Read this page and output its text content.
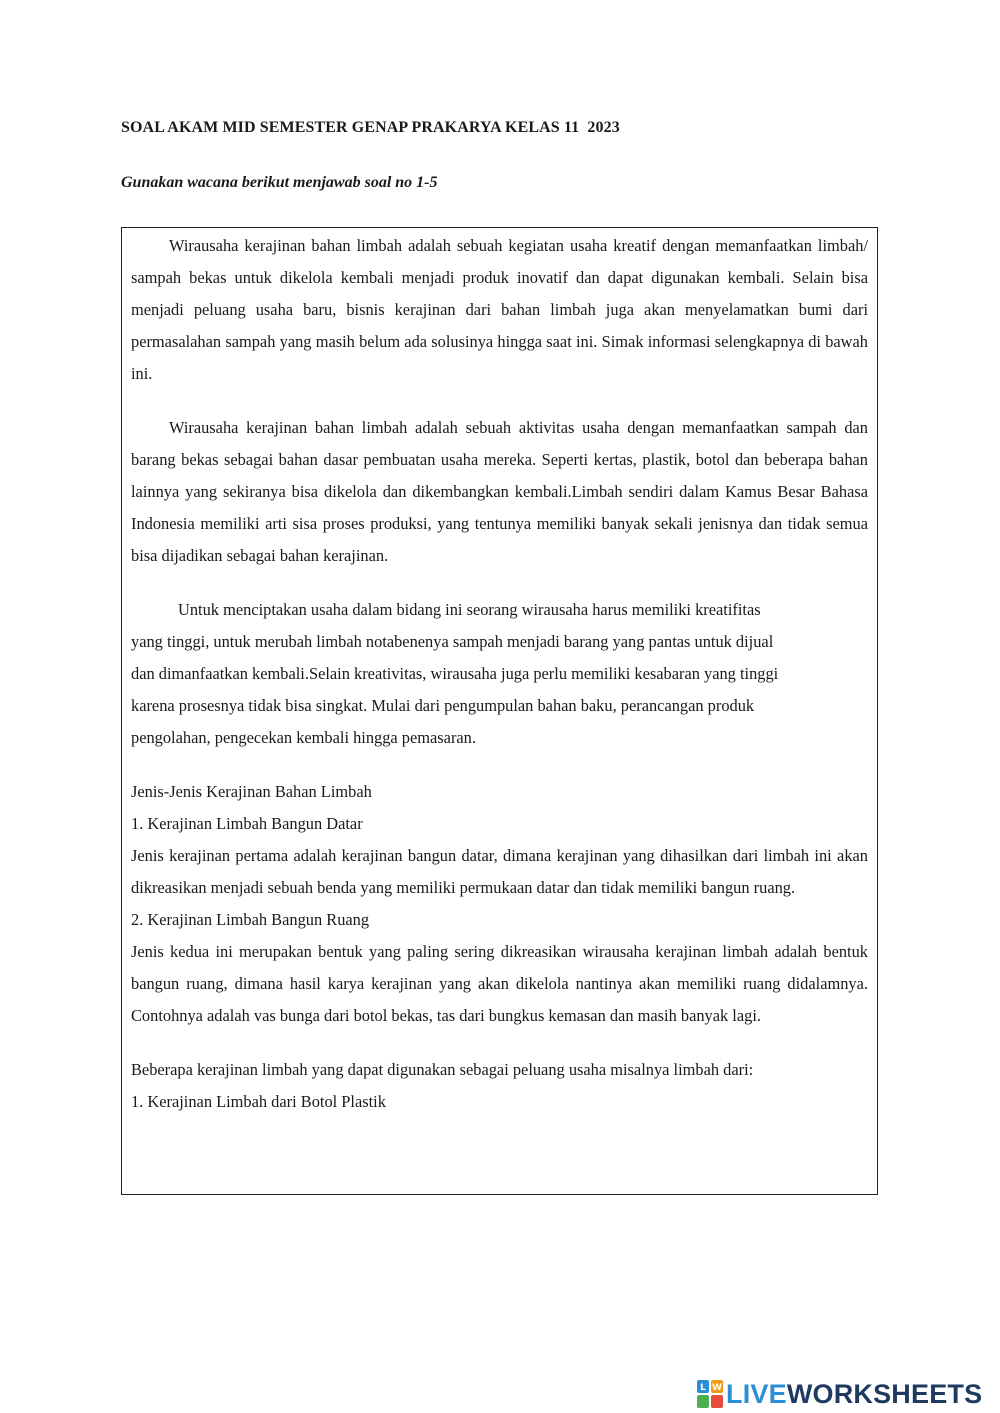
SOAL AKAM MID SEMESTER GENAP PRAKARYA KELAS 11  2023
Gunakan wacana berikut menjawab soal no 1-5

Wirausaha kerajinan bahan limbah adalah sebuah kegiatan usaha kreatif dengan memanfaatkan limbah/ sampah bekas untuk dikelola kembali menjadi produk inovatif dan dapat digunakan kembali. Selain bisa menjadi peluang usaha baru, bisnis kerajinan dari bahan limbah juga akan menyelamatkan bumi dari permasalahan sampah yang masih belum ada solusinya hingga saat ini. Simak informasi selengkapnya di bawah ini.

Wirausaha kerajinan bahan limbah adalah sebuah aktivitas usaha dengan memanfaatkan sampah dan barang bekas sebagai bahan dasar pembuatan usaha mereka. Seperti kertas, plastik, botol dan beberapa bahan lainnya yang sekiranya bisa dikelola dan dikembangkan kembali.Limbah sendiri dalam Kamus Besar Bahasa Indonesia memiliki arti sisa proses produksi, yang tentunya memiliki banyak sekali jenisnya dan tidak semua bisa dijadikan sebagai bahan kerajinan.

Untuk menciptakan usaha dalam bidang ini seorang wirausaha harus memiliki kreatifitas

yang tinggi, untuk merubah limbah notabenenya sampah menjadi barang yang pantas untuk dijual

dan dimanfaatkan kembali.Selain kreativitas, wirausaha juga perlu memiliki kesabaran yang tinggi

karena prosesnya tidak bisa singkat. Mulai dari pengumpulan bahan baku, perancangan produk

pengolahan, pengecekan kembali hingga pemasaran.

Jenis-Jenis Kerajinan Bahan Limbah

1. Kerajinan Limbah Bangun Datar

Jenis kerajinan pertama adalah kerajinan bangun datar, dimana kerajinan yang dihasilkan dari limbah ini akan dikreasikan menjadi sebuah benda yang memiliki permukaan datar dan tidak memiliki bangun ruang.

2. Kerajinan Limbah Bangun Ruang

Jenis kedua ini merupakan bentuk yang paling sering dikreasikan wirausaha kerajinan limbah adalah bentuk bangun ruang, dimana hasil karya kerajinan yang akan dikelola nantinya akan memiliki ruang didalamnya. Contohnya adalah vas bunga dari botol bekas, tas dari bungkus kemasan dan masih banyak lagi.

Beberapa kerajinan limbah yang dapat digunakan sebagai peluang usaha misalnya limbah dari:

1. Kerajinan Limbah dari Botol Plastik

L W LIVEWORKSHEETS
